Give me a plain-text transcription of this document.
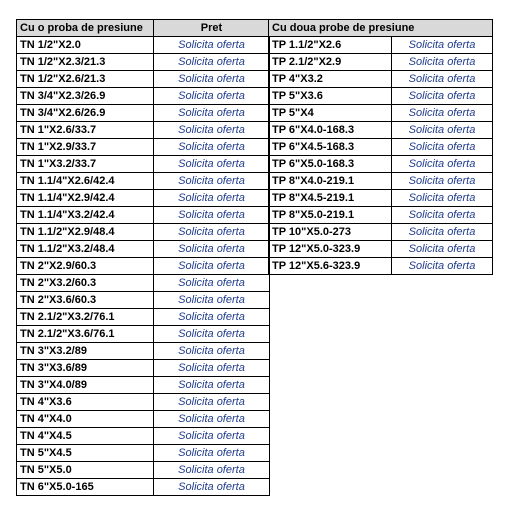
Cu o proba de presiune	Pret
TN 1/2"X2.0	Solicita oferta
TN 1/2"X2.3/21.3	Solicita oferta
TN 1/2"X2.6/21.3	Solicita oferta
TN 3/4"X2.3/26.9	Solicita oferta
TN 3/4"X2.6/26.9	Solicita oferta
TN 1"X2.6/33.7	Solicita oferta
TN 1"X2.9/33.7	Solicita oferta
TN 1"X3.2/33.7	Solicita oferta
TN 1.1/4"X2.6/42.4	Solicita oferta
TN 1.1/4"X2.9/42.4	Solicita oferta
TN 1.1/4"X3.2/42.4	Solicita oferta
TN 1.1/2"X2.9/48.4	Solicita oferta
TN 1.1/2"X3.2/48.4	Solicita oferta
TN 2"X2.9/60.3	Solicita oferta
TN 2"X3.2/60.3	Solicita oferta
TN 2"X3.6/60.3	Solicita oferta
TN 2.1/2"X3.2/76.1	Solicita oferta
TN 2.1/2"X3.6/76.1	Solicita oferta
TN 3"X3.2/89	Solicita oferta
TN 3"X3.6/89	Solicita oferta
TN 3"X4.0/89	Solicita oferta
TN 4"X3.6	Solicita oferta
TN 4"X4.0	Solicita oferta
TN 4"X4.5	Solicita oferta
TN 5"X4.5	Solicita oferta
TN 5"X5.0	Solicita oferta
TN 6"X5.0-165	Solicita oferta
Cu doua probe de presiune	
TP 1.1/2"X2.6	Solicita oferta
TP 2.1/2"X2.9	Solicita oferta
TP 4"X3.2	Solicita oferta
TP 5"X3.6	Solicita oferta
TP 5"X4	Solicita oferta
TP 6"X4.0-168.3	Solicita oferta
TP 6"X4.5-168.3	Solicita oferta
TP 6"X5.0-168.3	Solicita oferta
TP 8"X4.0-219.1	Solicita oferta
TP 8"X4.5-219.1	Solicita oferta
TP 8"X5.0-219.1	Solicita oferta
TP 10"X5.0-273	Solicita oferta
TP 12"X5.0-323.9	Solicita oferta
TP 12"X5.6-323.9	Solicita oferta
